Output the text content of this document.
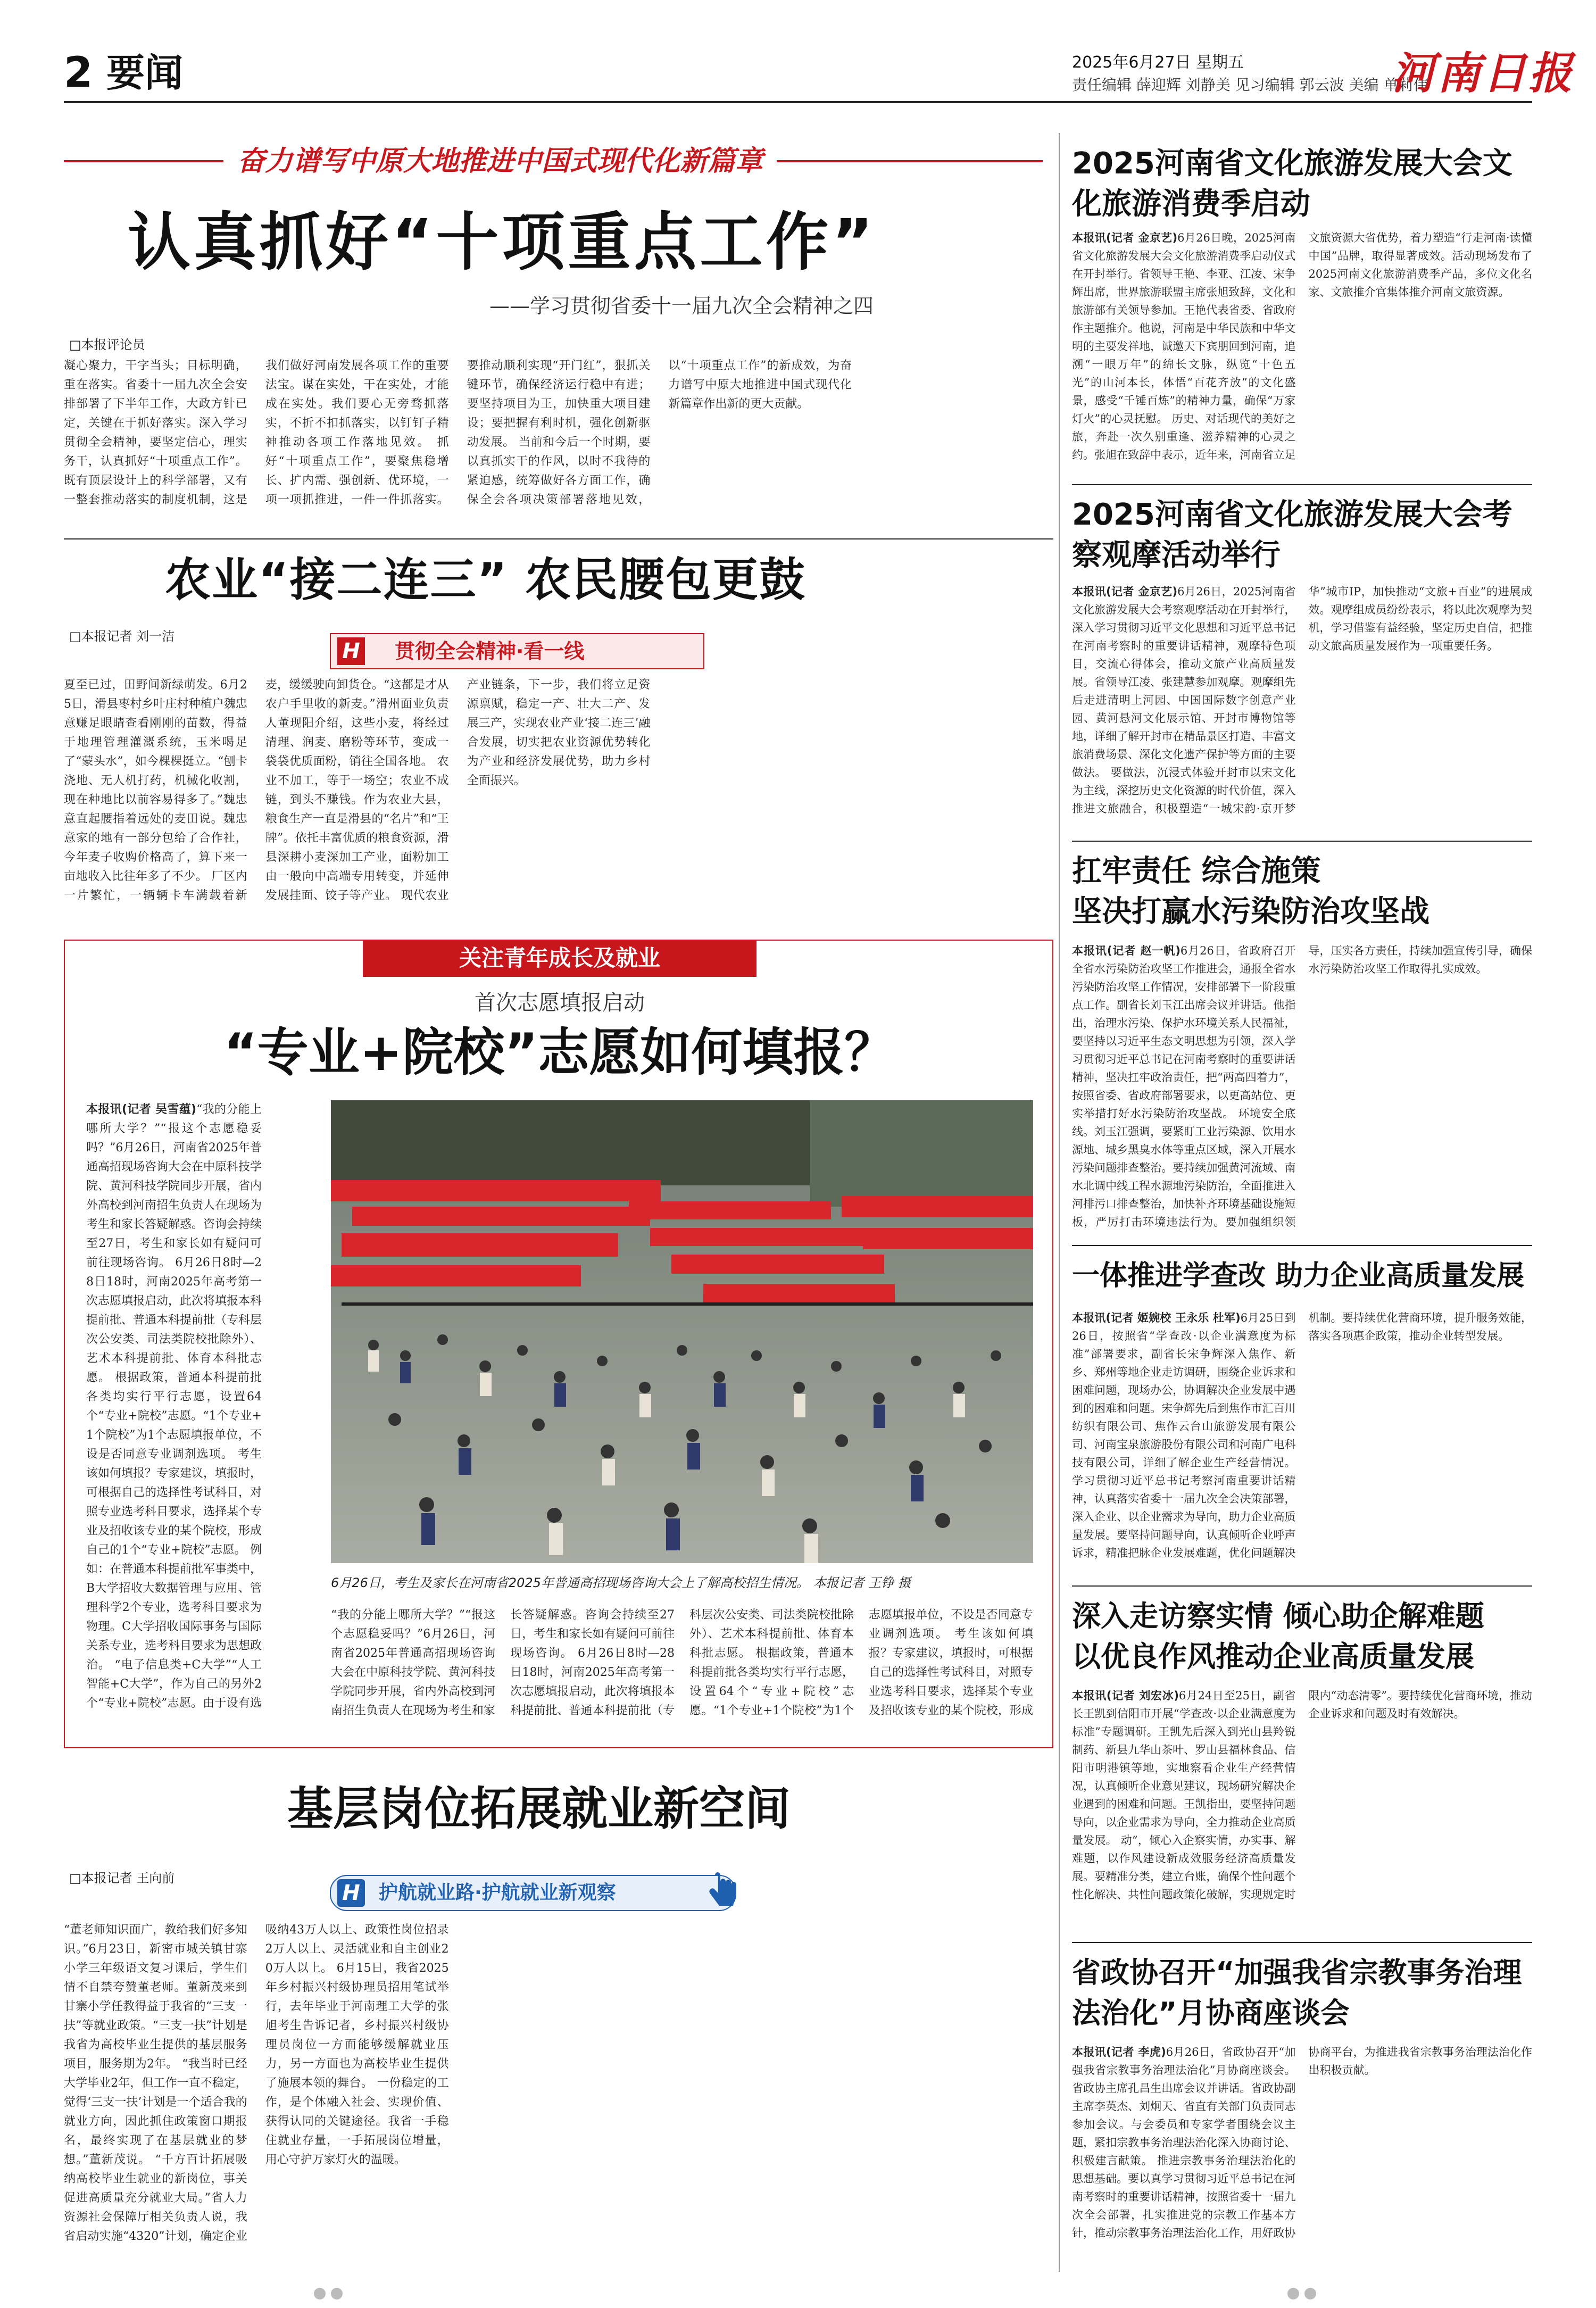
2 要闻	2025年6月27日 星期五
责任编辑 薛迎辉 刘静美 见习编辑 郭云波 美编 单莉伟
河南日报
奋力谱写中原大地推进中国式现代化新篇章
认真抓好“十项重点工作”
——学习贯彻省委十一届九次全会精神之四
□本报评论员
凝心聚力，干字当头；目标明确，重在落实。省委十一届九次全会安排部署了下半年工作，大政方针已定，关键在于抓好落实。深入学习贯彻全会精神，要坚定信心，理实务干，认真抓好“十项重点工作”。 既有顶层设计上的科学部署，又有一整套推动落实的制度机制，这是我们做好河南发展各项工作的重要法宝。谋在实处，干在实处，才能成在实处。我们要心无旁骛抓落实，不折不扣抓落实，以钉钉子精神推动各项工作落地见效。 抓好“十项重点工作”，要聚焦稳增长、扩内需、强创新、优环境，一项一项抓推进，一件一件抓落实。要推动顺利实现“开门红”，狠抓关键环节，确保经济运行稳中有进；要坚持项目为王，加快重大项目建设；要把握有利时机，强化创新驱动发展。 当前和今后一个时期，要以真抓实干的作风，以时不我待的紧迫感，统筹做好各方面工作，确保全会各项决策部署落地见效，以“十项重点工作”的新成效，为奋力谱写中原大地推进中国式现代化新篇章作出新的更大贡献。
农业“接二连三” 农民腰包更鼓
□本报记者 刘一洁
H 贯彻全会精神·看一线
夏至已过，田野间新绿萌发。6月25日，滑县枣村乡叶庄村种植户魏忠意赚足眼睛查看刚刚的苗数，得益于地理管理灌溉系统，玉米喝足了“蒙头水”，如今棵棵挺立。“刨卡浇地、无人机打药，机械化收割，现在种地比以前容易得多了。”魏忠意直起腰指着远处的麦田说。魏忠意家的地有一部分包给了合作社，今年麦子收购价格高了，算下来一亩地收入比往年多了不少。 厂区内一片繁忙，一辆辆卡车满载着新麦，缓缓驶向卸货仓。“这都是才从农户手里收的新麦。”滑州面业负责人董现阳介绍，这些小麦，将经过清理、润麦、磨粉等环节，变成一袋袋优质面粉，销往全国各地。 农业不加工，等于一场空；农业不成链，到头不赚钱。作为农业大县，粮食生产一直是滑县的“名片”和“王牌”。依托丰富优质的粮食资源，滑县深耕小麦深加工产业，面粉加工由一般向中高端专用转变，并延伸发展挂面、饺子等产业。 现代农业产业链条，下一步，我们将立足资源禀赋，稳定一产、壮大二产、发展三产，实现农业产业‘接二连三’融合发展，切实把农业资源优势转化为产业和经济发展优势，助力乡村全面振兴。
关注青年成长及就业
首次志愿填报启动
“专业+院校”志愿如何填报？
本报讯(记者 吴雪蕴)“我的分能上哪所大学？”“报这个志愿稳妥吗？”6月26日，河南省2025年普通高招现场咨询大会在中原科技学院、黄河科技学院同步开展，省内外高校到河南招生负责人在现场为考生和家长答疑解惑。咨询会持续至27日，考生和家长如有疑问可前往现场咨询。 6月26日8时—28日18时，河南2025年高考第一次志愿填报启动，此次将填报本科提前批、普通本科提前批（专科层次公安类、司法类院校批除外）、艺术本科提前批、体育本科批志愿。 根据政策，普通本科提前批各类均实行平行志愿，设置64个“专业+院校”志愿。“1个专业+1个院校”为1个志愿填报单位，不设是否同意专业调剂选项。 考生该如何填报？专家建议，填报时，可根据自己的选择性考试科目，对照专业选考科目要求，选择某个专业及招收该专业的某个院校，形成自己的1个“专业+院校”志愿。 例如：在普通本科提前批军事类中，B大学招收大数据管理与应用、管理科学2个专业，选考科目要求为物理。C大学招收国际事务与国际关系专业，选考科目要求为思想政治。 “电子信息类+C大学”“人工智能+C大学”，作为自己的另外2个“专业+院校”志愿。由于设有选
6月26日，考生及家长在河南省2025年普通高招现场咨询大会上了解高校招生情况。 本报记者 王铮 摄
“我的分能上哪所大学？”“报这个志愿稳妥吗？”6月26日，河南省2025年普通高招现场咨询大会在中原科技学院、黄河科技学院同步开展，省内外高校到河南招生负责人在现场为考生和家长答疑解惑。咨询会持续至27日，考生和家长如有疑问可前往现场咨询。 6月26日8时—28日18时，河南2025年高考第一次志愿填报启动，此次将填报本科提前批、普通本科提前批（专科层次公安类、司法类院校批除外）、艺术本科提前批、体育本科批志愿。 根据政策，普通本科提前批各类均实行平行志愿，设置64个“专业+院校”志愿。“1个专业+1个院校”为1个志愿填报单位，不设是否同意专业调剂选项。 考生该如何填报？专家建议，填报时，可根据自己的选择性考试科目，对照专业选考科目要求，选择某个专业及招收该专业的某个院校，形成
基层岗位拓展就业新空间
□本报记者 王向前
H 护航就业路·护航就业新观察
“董老师知识面广，教给我们好多知识。”6月23日，新密市城关镇甘寨小学三年级语文复习课后，学生们情不自禁夸赞董老师。董新茂来到甘寨小学任教得益于我省的“三支一扶”等就业政策。“三支一扶”计划是我省为高校毕业生提供的基层服务项目，服务期为2年。 “我当时已经大学毕业2年，但工作一直不稳定，觉得‘三支一扶’计划是一个适合我的就业方向，因此抓住政策窗口期报名，最终实现了在基层就业的梦想。”董新茂说。 “千方百计拓展吸纳高校毕业生就业的新岗位，事关促进高质量充分就业大局。”省人力资源社会保障厅相关负责人说，我省启动实施“4320”计划，确定企业吸纳43万人以上、政策性岗位招录2万人以上、灵活就业和自主创业20万人以上。 6月15日，我省2025年乡村振兴村级协理员招用笔试举行，去年毕业于河南理工大学的张旭考生告诉记者，乡村振兴村级协理员岗位一方面能够缓解就业压力，另一方面也为高校毕业生提供了施展本领的舞台。 一份稳定的工作，是个体融入社会、实现价值、获得认同的关键途径。我省一手稳住就业存量，一手拓展岗位增量，用心守护万家灯火的温暖。
2025河南省文化旅游发展大会文化旅游消费季启动
本报讯(记者 金京艺)6月26日晚，2025河南省文化旅游发展大会文化旅游消费季启动仪式在开封举行。省领导王艳、李亚、江凌、宋争辉出席，世界旅游联盟主席张旭致辞，文化和旅游部有关领导参加。王艳代表省委、省政府作主题推介。他说，河南是中华民族和中华文明的主要发祥地，诚邀天下宾朋回到河南，追溯“一眼万年”的绵长文脉，纵览“十色五光”的山河本长，体悟“百花齐放”的文化盛景，感受“千锤百炼”的精神力量，确保“万家灯火”的心灵抚慰。 历史、对话现代的美好之旅，奔赴一次久别重逢、滋养精神的心灵之约。张旭在致辞中表示，近年来，河南省立足文旅资源大省优势，着力塑造“行走河南·读懂中国”品牌，取得显著成效。活动现场发布了2025河南文化旅游消费季产品，多位文化名家、文旅推介官集体推介河南文旅资源。
2025河南省文化旅游发展大会考察观摩活动举行
本报讯(记者 金京艺)6月26日，2025河南省文化旅游发展大会考察观摩活动在开封举行，深入学习贯彻习近平文化思想和习近平总书记在河南考察时的重要讲话精神，观摩特色项目，交流心得体会，推动文旅产业高质量发展。省领导江凌、张建慧参加观摩。观摩组先后走进清明上河园、中国国际数字创意产业园、黄河悬河文化展示馆、开封市博物馆等地，详细了解开封市在精品景区打造、丰富文旅消费场景、深化文化遗产保护等方面的主要做法。 要做法，沉浸式体验开封市以宋文化为主线，深挖历史文化资源的时代价值，深入推进文旅融合，积极塑造“一城宋韵·京开梦华”城市IP，加快推动“文旅+百业”的进展成效。观摩组成员纷纷表示，将以此次观摩为契机，学习借鉴有益经验，坚定历史自信，把推动文旅高质量发展作为一项重要任务。
扛牢责任 综合施策
坚决打赢水污染防治攻坚战
本报讯(记者 赵一帆)6月26日，省政府召开全省水污染防治攻坚工作推进会，通报全省水污染防治攻坚工作情况，安排部署下一阶段重点工作。副省长刘玉江出席会议并讲话。他指出，治理水污染、保护水环境关系人民福祉，要坚持以习近平生态文明思想为引领，深入学习贯彻习近平总书记在河南考察时的重要讲话精神，坚决扛牢政治责任，把“两高四着力”，按照省委、省政府部署要求，以更高站位、更实举措打好水污染防治攻坚战。 环境安全底线。刘玉江强调，要紧盯工业污染源、饮用水源地、城乡黑臭水体等重点区域，深入开展水污染问题排查整治。要持续加强黄河流域、南水北调中线工程水源地污染防治，全面推进入河排污口排查整治，加快补齐环境基础设施短板，严厉打击环境违法行为。要加强组织领导，压实各方责任，持续加强宣传引导，确保水污染防治攻坚工作取得扎实成效。
一体推进学查改 助力企业高质量发展
本报讯(记者 姬婉校 王永乐 杜军)6月25日到26日，按照省“学查改·以企业满意度为标准”部署要求，副省长宋争辉深入焦作、新乡、郑州等地企业走访调研，围绕企业诉求和困难问题，现场办公，协调解决企业发展中遇到的困难和问题。宋争辉先后到焦作市汇百川纺织有限公司、焦作云台山旅游发展有限公司、河南宝泉旅游股份有限公司和河南广电科技有限公司，详细了解企业生产经营情况。 学习贯彻习近平总书记考察河南重要讲话精神，认真落实省委十一届九次全会决策部署，深入企业、以企业需求为导向，助力企业高质量发展。要坚持问题导向，认真倾听企业呼声诉求，精准把脉企业发展难题，优化问题解决机制。要持续优化营商环境，提升服务效能，落实各项惠企政策，推动企业转型发展。
深入走访察实情 倾心助企解难题
以优良作风推动企业高质量发展
本报讯(记者 刘宏冰)6月24日至25日，副省长王凯到信阳市开展“学查改·以企业满意度为标准”专题调研。王凯先后深入到光山县羚锐制药、新县九华山茶叶、罗山县福林食品、信阳市明港镇等地，实地察看企业生产经营情况，认真倾听企业意见建议，现场研究解决企业遇到的困难和问题。王凯指出，要坚持问题导向，以企业需求为导向，全力推动企业高质量发展。 动”，倾心入企察实情，办实事、解难题，以作风建设新成效服务经济高质量发展。要精准分类，建立台账，确保个性问题个性化解决、共性问题政策化破解，实现规定时限内“动态清零”。要持续优化营商环境，推动企业诉求和问题及时有效解决。
省政协召开“加强我省宗教事务治理法治化”月协商座谈会
本报讯(记者 李虎)6月26日，省政协召开“加强我省宗教事务治理法治化”月协商座谈会。省政协主席孔昌生出席会议并讲话。省政协副主席李英杰、刘炯天、省直有关部门负责同志参加会议。与会委员和专家学者围绕会议主题，紧扣宗教事务治理法治化深入协商讨论、积极建言献策。 推进宗教事务治理法治化的思想基础。要以真学习贯彻习近平总书记在河南考察时的重要讲话精神，按照省委十一届九次全会部署，扎实推进党的宗教工作基本方针，推动宗教事务治理法治化工作，用好政协协商平台，为推进我省宗教事务治理法治化作出积极贡献。
